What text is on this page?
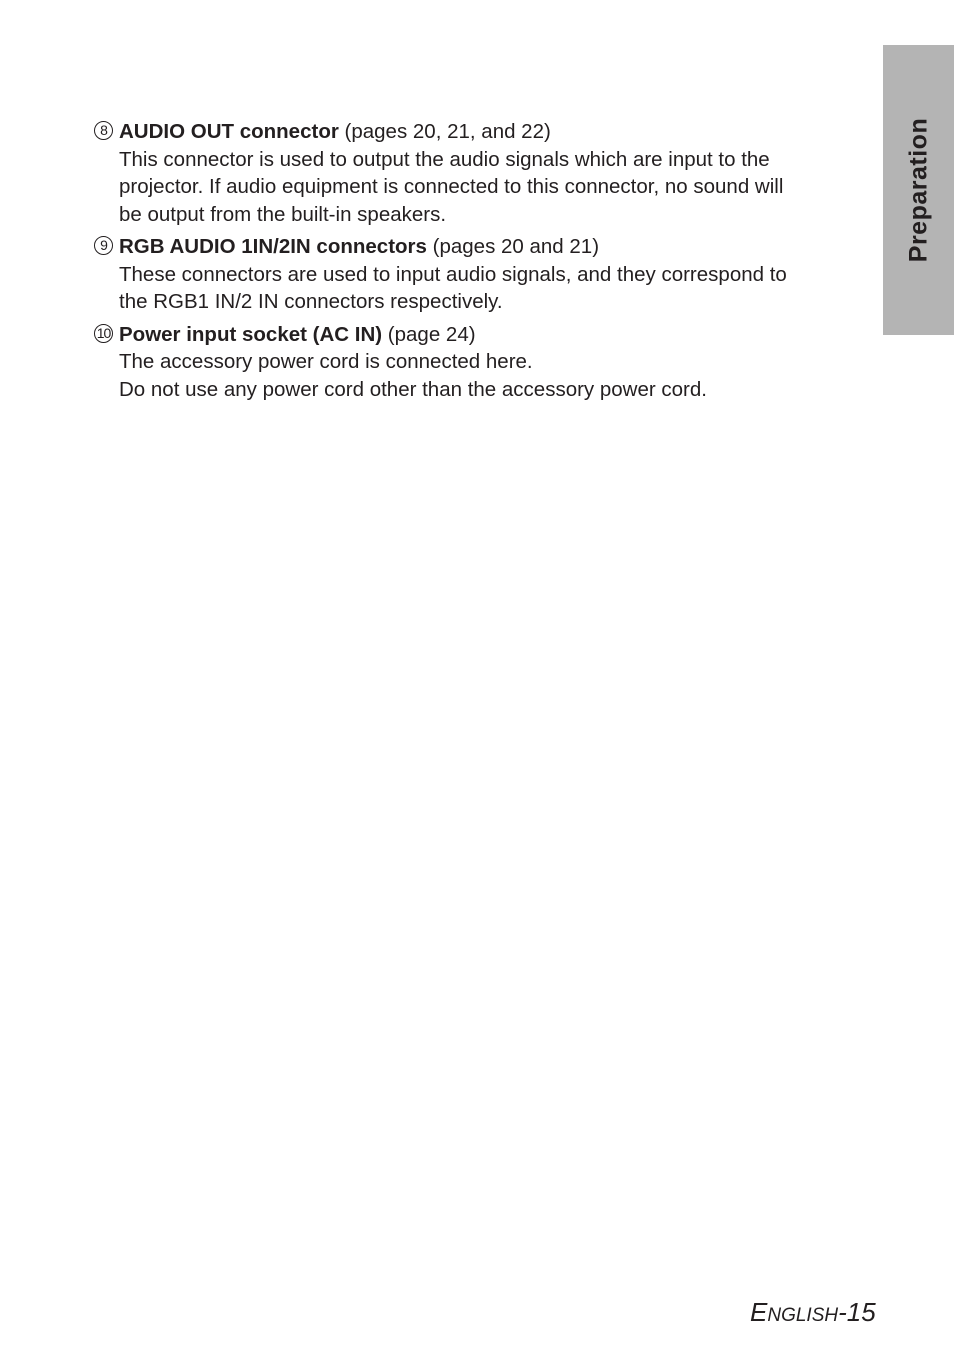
Preparation
8 AUDIO OUT connector (pages 20, 21, and 22)

This connector is used to output the audio signals which are input to the

projector. If audio equipment is connected to this connector, no sound will

be output from the built-in speakers.

9 RGB AUDIO 1IN/2IN connectors (pages 20 and 21)

These connectors are used to input audio signals, and they correspond to

the RGB1 IN/2 IN connectors respectively.

10 Power input socket (AC IN) (page 24)

The accessory power cord is connected here.

Do not use any power cord other than the accessory power cord.

ENGLISH-15
